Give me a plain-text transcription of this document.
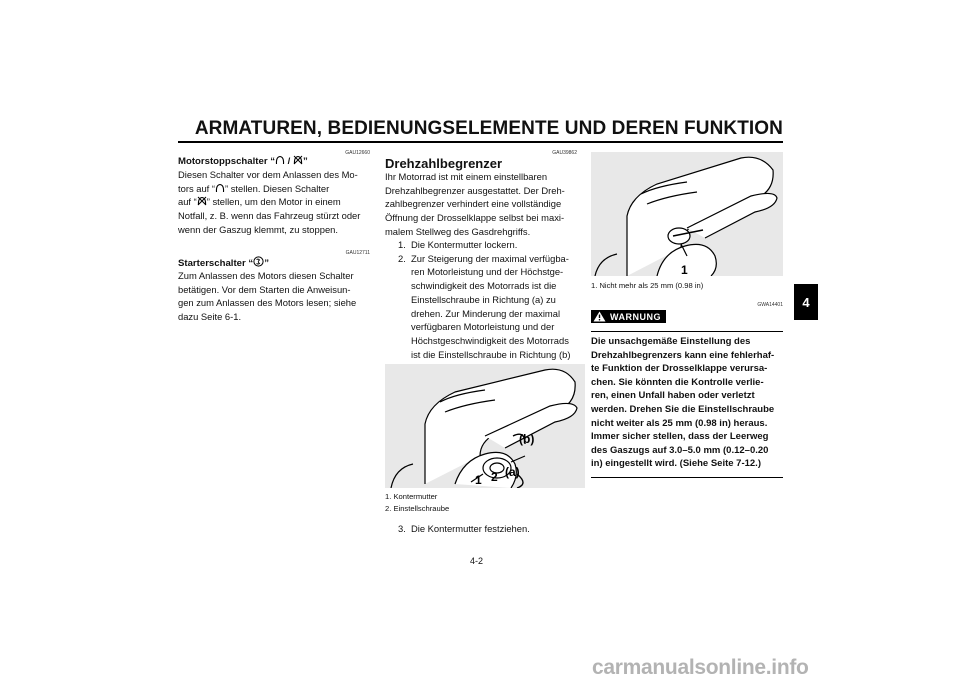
ARMATUREN, BEDIENUNGSELEMENTE UND DEREN FUNKTION
4
GAU12660
Motorstoppschalter “ / ”
Diesen Schalter vor dem Anlassen des Mo-
tors auf “ ” stellen. Diesen Schalter
auf “ ” stellen, um den Motor in einem
Notfall, z. B. wenn das Fahrzeug stürzt oder
wenn der Gaszug klemmt, zu stoppen.
GAU12711
Starterschalter “ ”
Zum Anlassen des Motors diesen Schalter
betätigen. Vor dem Starten die Anweisun-
gen zum Anlassen des Motors lesen; siehe
dazu Seite 6-1.
GAU39862
Drehzahlbegrenzer
Ihr Motorrad ist mit einem einstellbaren
Drehzahlbegrenzer ausgestattet. Der Dreh-
zahlbegrenzer verhindert eine vollständige
Öffnung der Drosselklappe selbst bei maxi-
malem Stellweg des Gasdrehgriffs.
1. Die Kontermutter lockern.
2. Zur Steigerung der maximal verfügba-
ren Motorleistung und der Höchstge-
schwindigkeit des Motorrads ist die
Einstellschraube in Richtung (a) zu
drehen. Zur Minderung der maximal
verfügbaren Motorleistung und der
Höchstgeschwindigkeit des Motorrads
ist die Einstellschraube in Richtung (b)
(b)
(a)
1 2
1. Kontermutter
2. Einstellschraube
3. Die Kontermutter festziehen.
1
1. Nicht mehr als 25 mm (0.98 in)
GWA14401
WARNUNG
Die unsachgemäße Einstellung des
Drehzahlbegrenzers kann eine fehlerhaf-
te Funktion der Drosselklappe verursa-
chen. Sie könnten die Kontrolle verlie-
ren, einen Unfall haben oder verletzt
werden. Drehen Sie die Einstellschraube
nicht weiter als 25 mm (0.98 in) heraus.
Immer sicher stellen, dass der Leerweg
des Gaszugs auf 3.0–5.0 mm (0.12–0.20
in) eingestellt wird. (Siehe Seite 7-12.)
4-2
carmanualsonline.info
